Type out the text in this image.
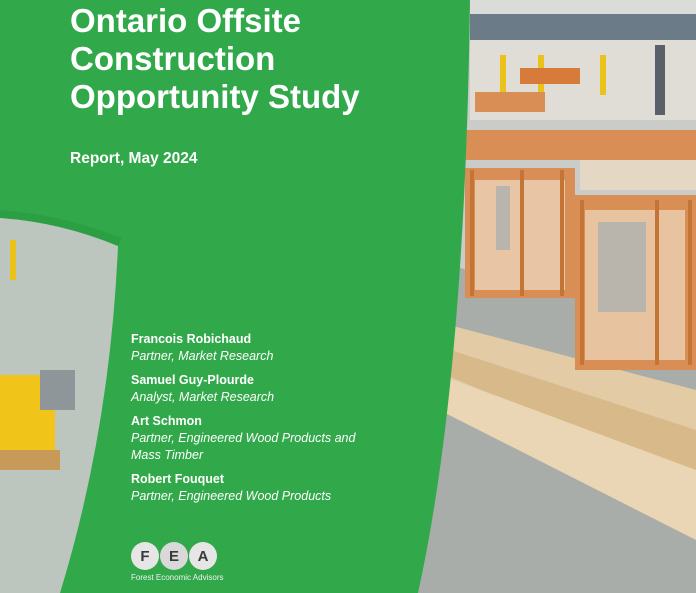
Ontario Offsite
Construction
Opportunity Study
Report, May 2024
Francois Robichaud
Partner, Market Research
Samuel Guy-Plourde
Analyst, Market Research
Art Schmon
Partner, Engineered Wood Products and Mass Timber
Robert Fouquet
Partner, Engineered Wood Products
F	E	A
Forest Economic Advisors
